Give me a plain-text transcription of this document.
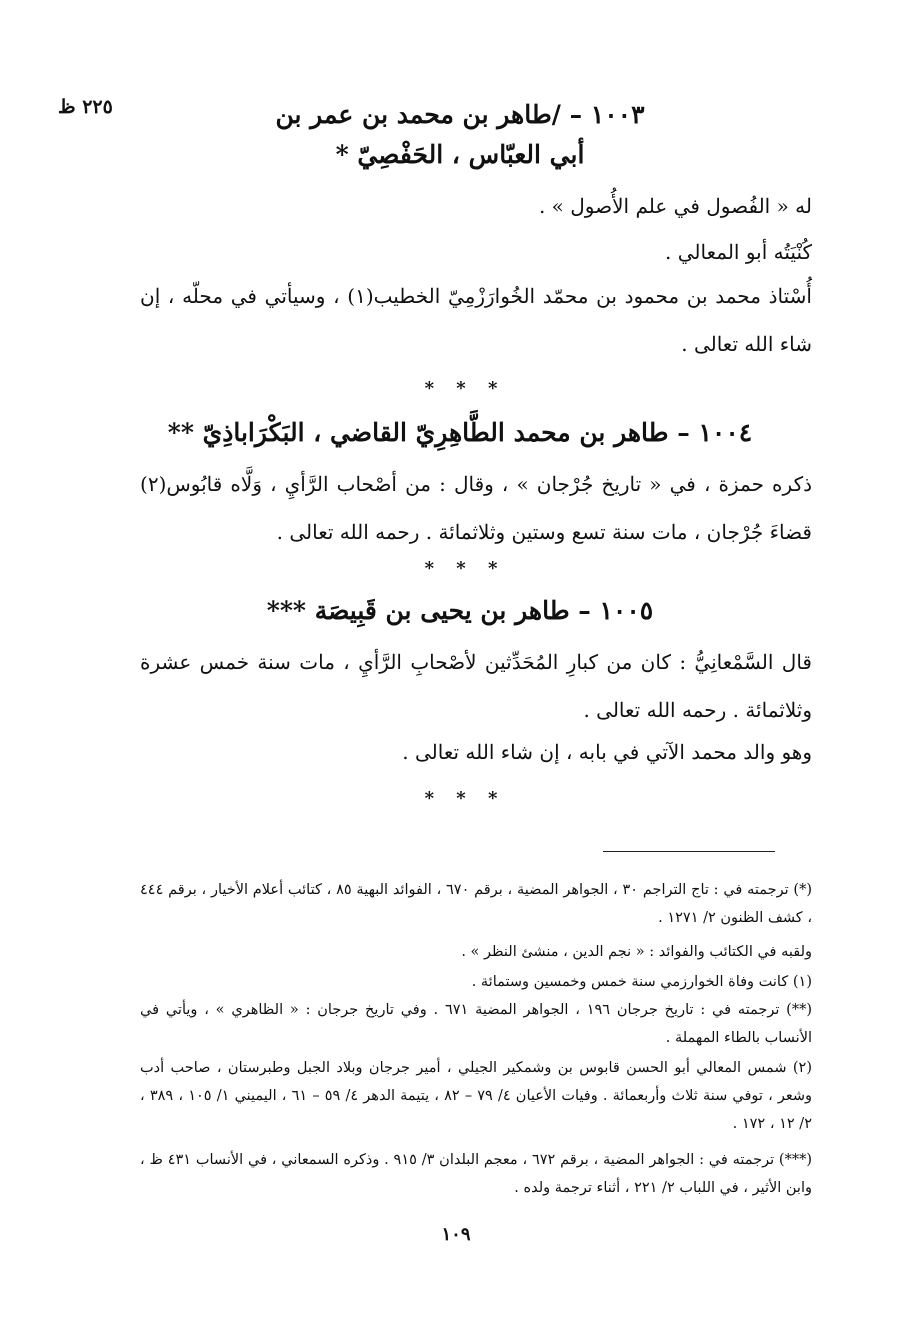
٢٢٥ ظ	١٠٠٣ – /طاهر بن محمد بن عمر بن
أبي العبّاس ، الحَفْصِيّ *
له « الفُصول في علم الأُصول » .
كُنْيَتُه أبو المعالي .
أُسْتاذ محمد بن محمود بن محمّد الخُوارَزْمِيّ الخطيب(١) ، وسيأتي في محلّه ، إن شاء الله تعالى .
* * *
١٠٠٤ – طاهر بن محمد الطَّاهِرِيّ القاضي ، البَكْرَاباذِيّ **
ذكره حمزة ، في « تاريخ جُرْجان » ، وقال : من أصْحاب الرَّأيِ ، وَلَّاه قابُوس(٢) قضاءَ جُرْجان ، مات سنة تسع وستين وثلاثمائة . رحمه الله تعالى .
* * *
١٠٠٥ – طاهر بن يحيى بن قَبِيصَة ***
قال السَّمْعانِيُّ : كان من كبارِ المُحَدِّثين لأصْحابِ الرَّأيِ ، مات سنة خمس عشرة وثلاثمائة . رحمه الله تعالى .
وهو والد محمد الآتي في بابه ، إن شاء الله تعالى .
* * *
(*) ترجمته في : تاج التراجم ٣٠ ، الجواهر المضية ، برقم ٦٧٠ ، الفوائد البهية ٨٥ ، كتائب أعلام الأخيار ، برقم ٤٤٤ ، كشف الظنون ٢/ ١٢٧١ .
ولقبه في الكتائب والفوائد : « نجم الدين ، منشئ النظر » .
(١) كانت وفاة الخوارزمي سنة خمس وخمسين وستمائة .
(**) ترجمته في : تاريخ جرجان ١٩٦ ، الجواهر المضية ٦٧١ . وفي تاريخ جرجان : « الظاهري » ، ويأتي في الأنساب بالطاء المهملة .
(٢) شمس المعالي أبو الحسن قابوس بن وشمكير الجيلي ، أمير جرجان وبلاد الجبل وطبرستان ، صاحب أدب وشعر ، توفي سنة ثلاث وأربعمائة . وفيات الأعيان ٤/ ٧٩ – ٨٢ ، يتيمة الدهر ٤/ ٥٩ – ٦١ ، اليميني ١/ ١٠٥ ، ٣٨٩ ، ٢/ ١٢ ، ١٧٢ .
(***) ترجمته في : الجواهر المضية ، برقم ٦٧٢ ، معجم البلدان ٣/ ٩١٥ . وذكره السمعاني ، في الأنساب ٤٣١ ظ ، وابن الأثير ، في اللباب ٢/ ٢٢١ ، أثناء ترجمة ولده .
١٠٩
